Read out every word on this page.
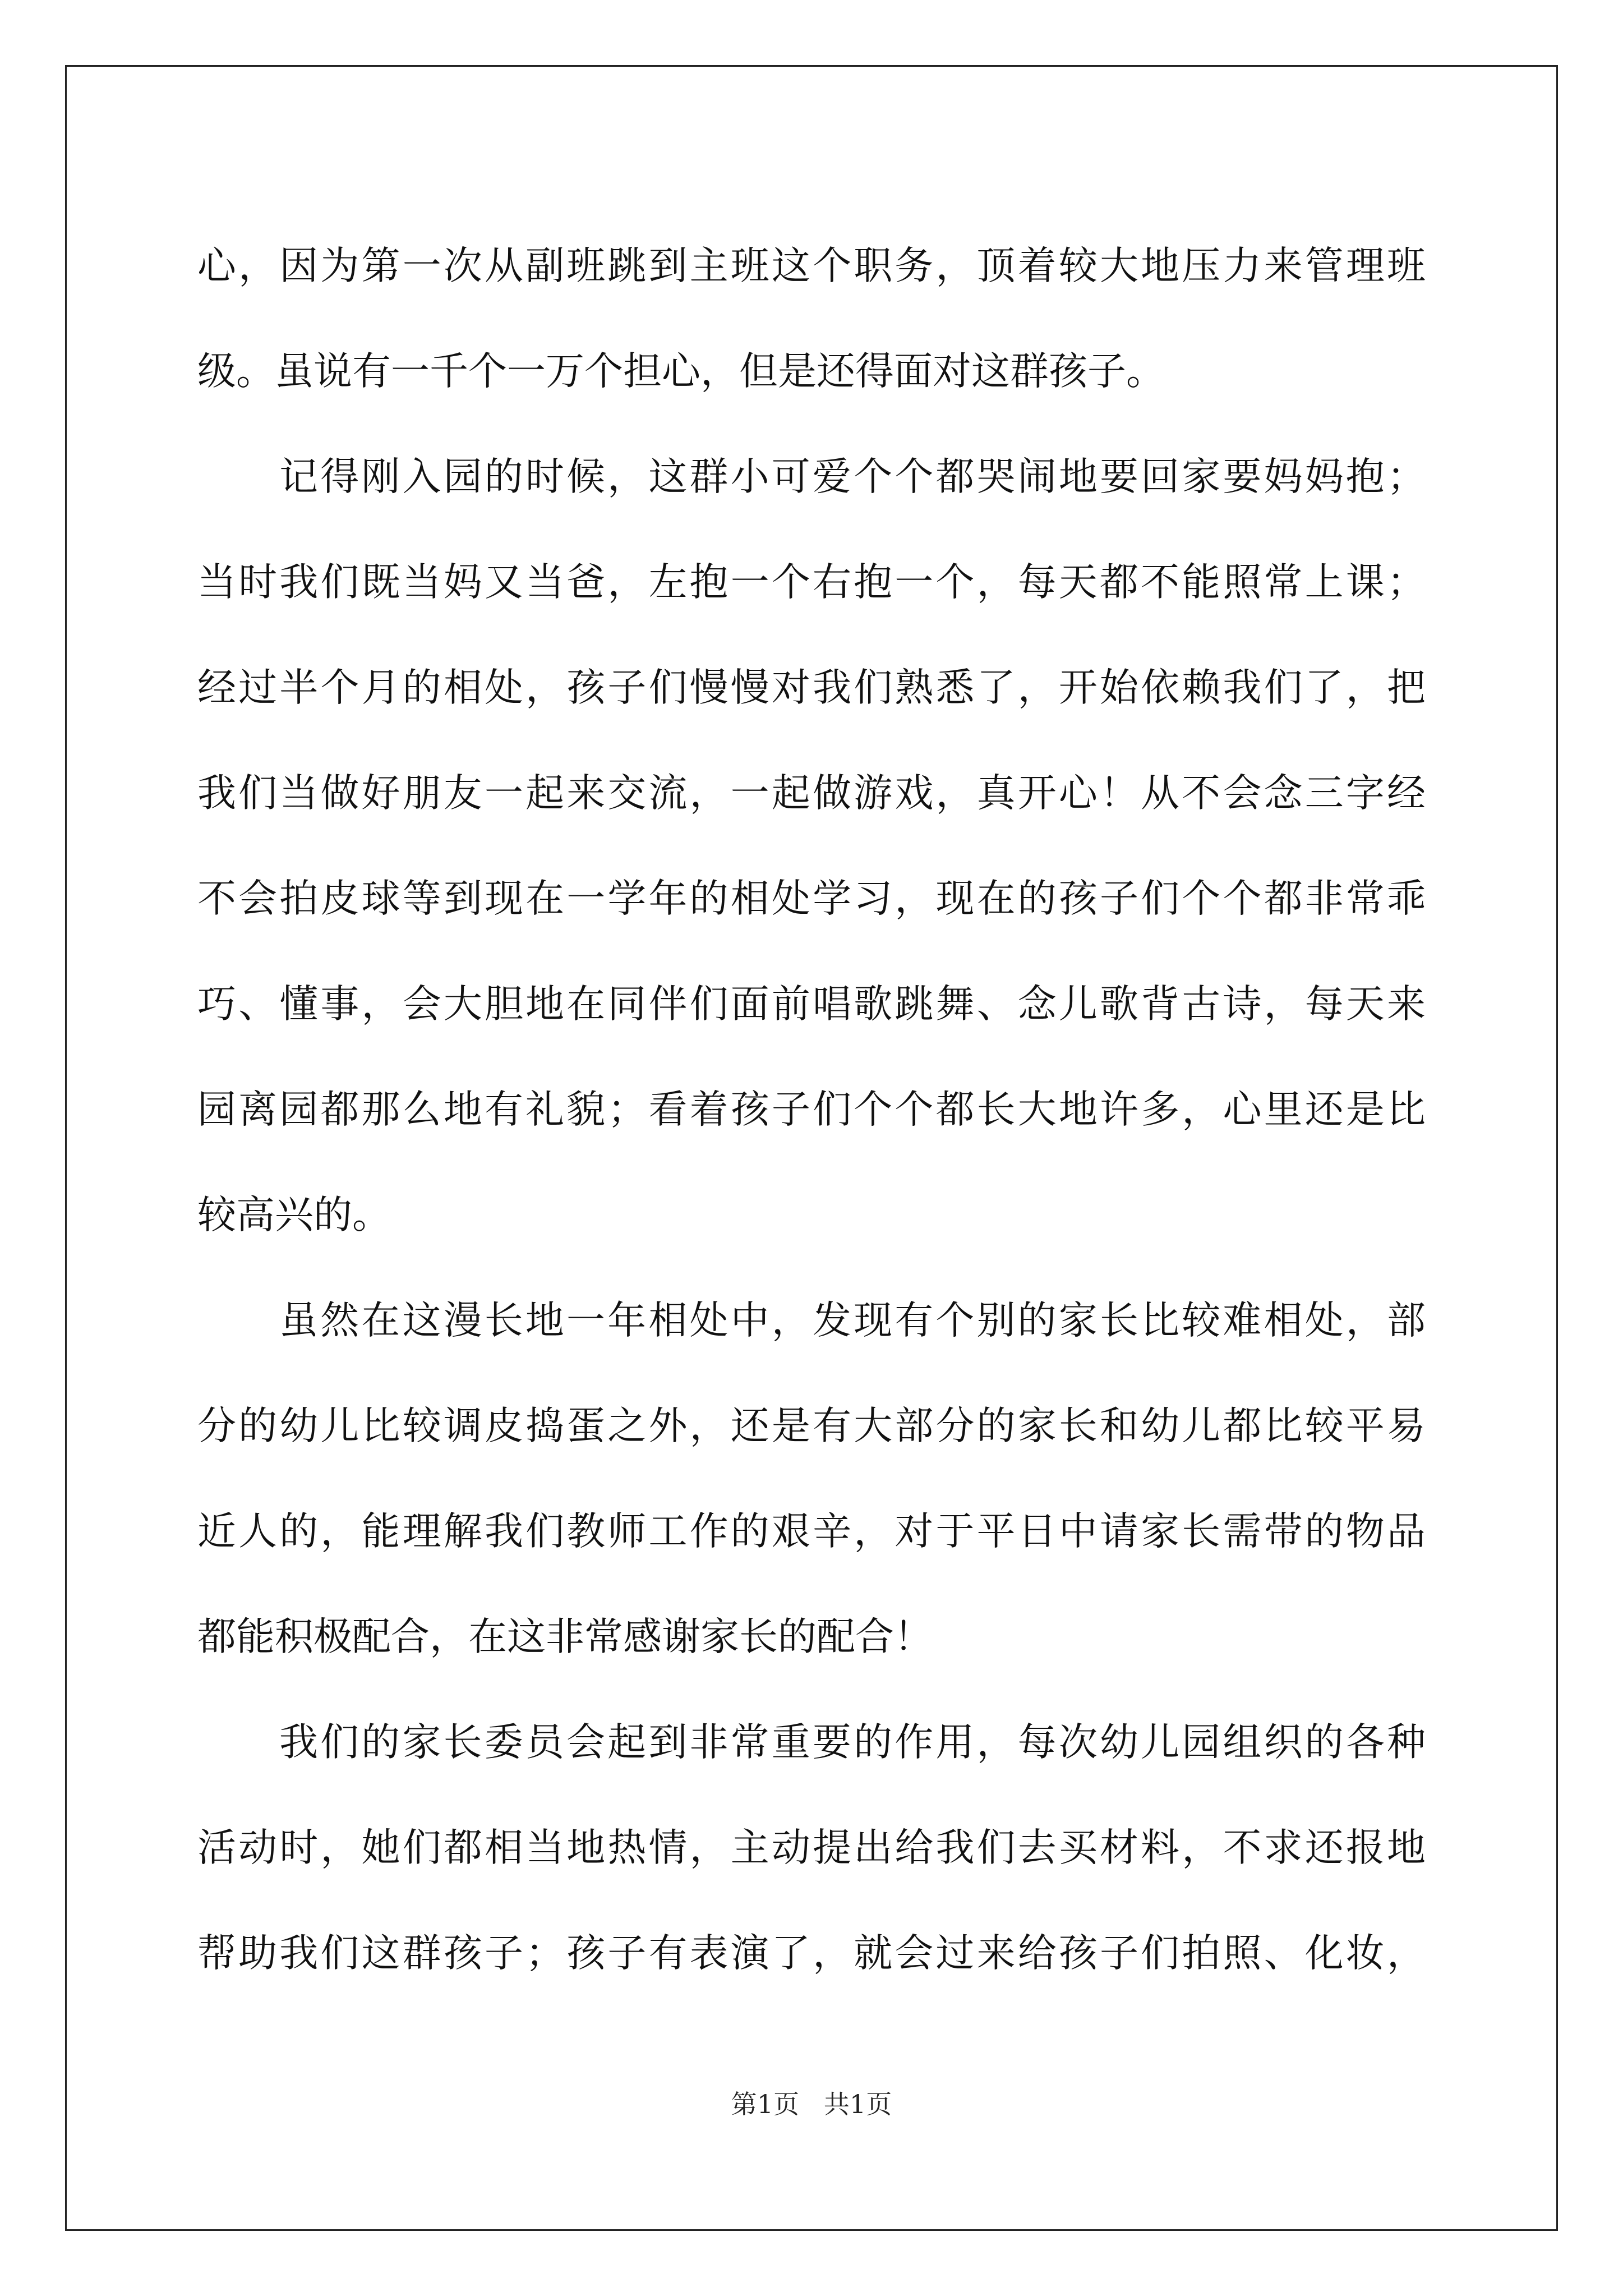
心，因为第一次从副班跳到主班这个职务，顶着较大地压力来管理班
级。虽说有一千个一万个担心，但是还得面对这群孩子。
记得刚入园的时候，这群小可爱个个都哭闹地要回家要妈妈抱；
当时我们既当妈又当爸，左抱一个右抱一个，每天都不能照常上课；
经过半个月的相处，孩子们慢慢对我们熟悉了，开始依赖我们了，把
我们当做好朋友一起来交流，一起做游戏，真开心！从不会念三字经
不会拍皮球等到现在一学年的相处学习，现在的孩子们个个都非常乖
巧、懂事，会大胆地在同伴们面前唱歌跳舞、念儿歌背古诗，每天来
园离园都那么地有礼貌；看着孩子们个个都长大地许多，心里还是比
较高兴的。
虽然在这漫长地一年相处中，发现有个别的家长比较难相处，部
分的幼儿比较调皮捣蛋之外，还是有大部分的家长和幼儿都比较平易
近人的，能理解我们教师工作的艰辛，对于平日中请家长需带的物品
都能积极配合，在这非常感谢家长的配合！
我们的家长委员会起到非常重要的作用，每次幼儿园组织的各种
活动时，她们都相当地热情，主动提出给我们去买材料，不求还报地
帮助我们这群孩子；孩子有表演了，就会过来给孩子们拍照、化妆，
第1页   共1页
